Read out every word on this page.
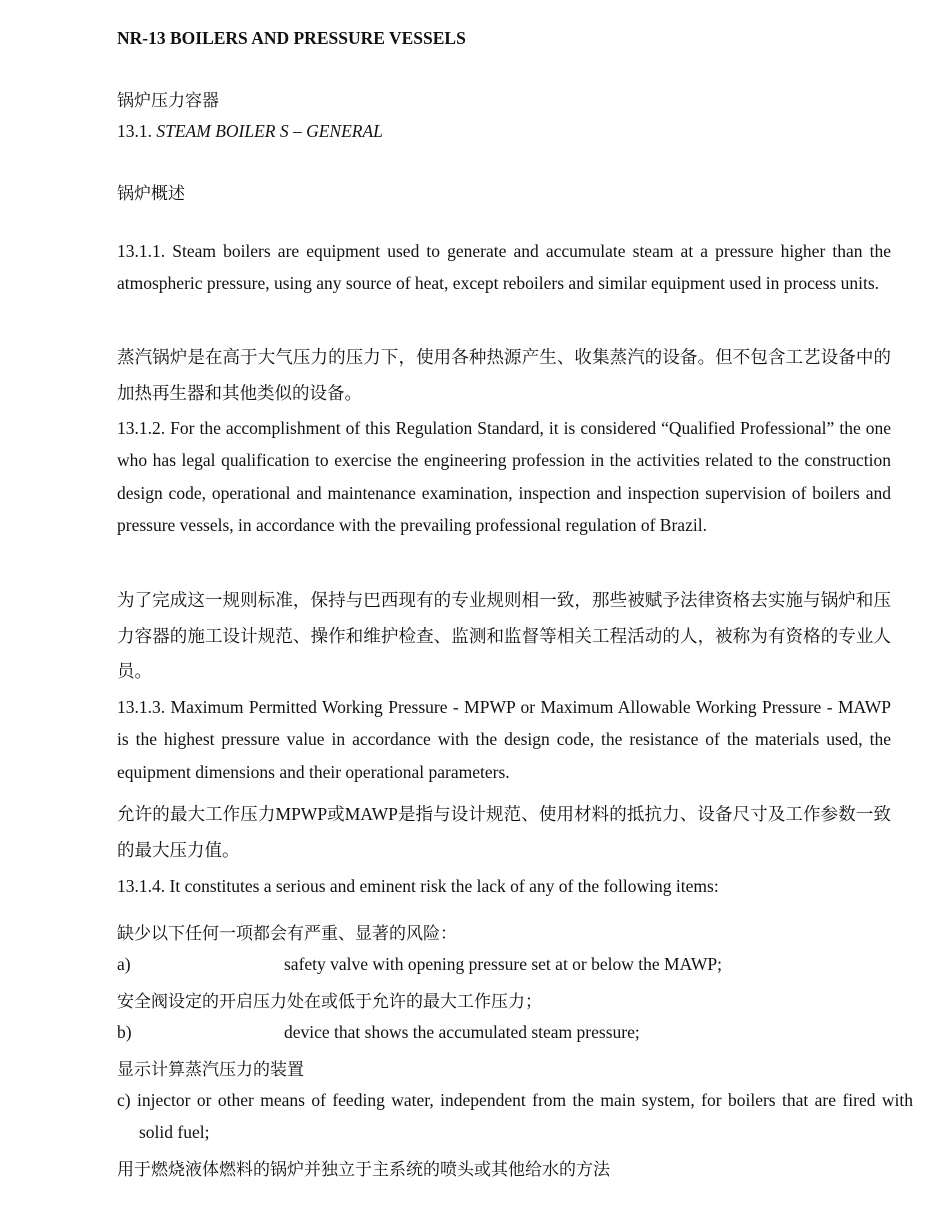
NR-13 BOILERS AND PRESSURE VESSELS
锅炉压力容器
13.1. STEAM BOILER S – GENERAL
锅炉概述
13.1.1. Steam boilers are equipment used to generate and accumulate steam at a pressure higher than the atmospheric pressure, using any source of heat, except reboilers and similar equipment used in process units.
蒸汽锅炉是在高于大气压力的压力下，使用各种热源产生、收集蒸汽的设备。但不包含工艺设备中的加热再生器和其他类似的设备。
13.1.2. For the accomplishment of this Regulation Standard, it is considered “Qualified Professional” the one who has legal qualification to exercise the engineering profession in the activities related to the construction design code, operational and maintenance examination, inspection and inspection supervision of boilers and pressure vessels, in accordance with the prevailing professional regulation of Brazil.
为了完成这一规则标准，保持与巴西现有的专业规则相一致，那些被赋予法律资格去实施与锅炉和压力容器的施工设计规范、操作和维护检查、监测和监督等相关工程活动的人，被称为有资格的专业人员。
13.1.3. Maximum Permitted Working Pressure - MPWP or Maximum Allowable Working Pressure - MAWP is the highest pressure value in accordance with the design code, the resistance of the materials used, the equipment dimensions and their operational parameters.
允许的最大工作压力MPWP或MAWP是指与设计规范、使用材料的抵抗力、设备尺寸及工作参数一致的最大压力值。
13.1.4. It constitutes a serious and eminent risk the lack of any of the following items:
缺少以下任何一项都会有严重、显著的风险：
a)	safety valve with opening pressure set at or below the MAWP;
安全阀设定的开启压力处在或低于允许的最大工作压力；
b)	device that shows the accumulated steam pressure;
显示计算蒸汽压力的装置
c) injector or other means of feeding water, independent from the main system, for boilers that are fired with solid fuel;
用于燃烧液体燃料的锅炉并独立于主系统的喷头或其他给水的方法
